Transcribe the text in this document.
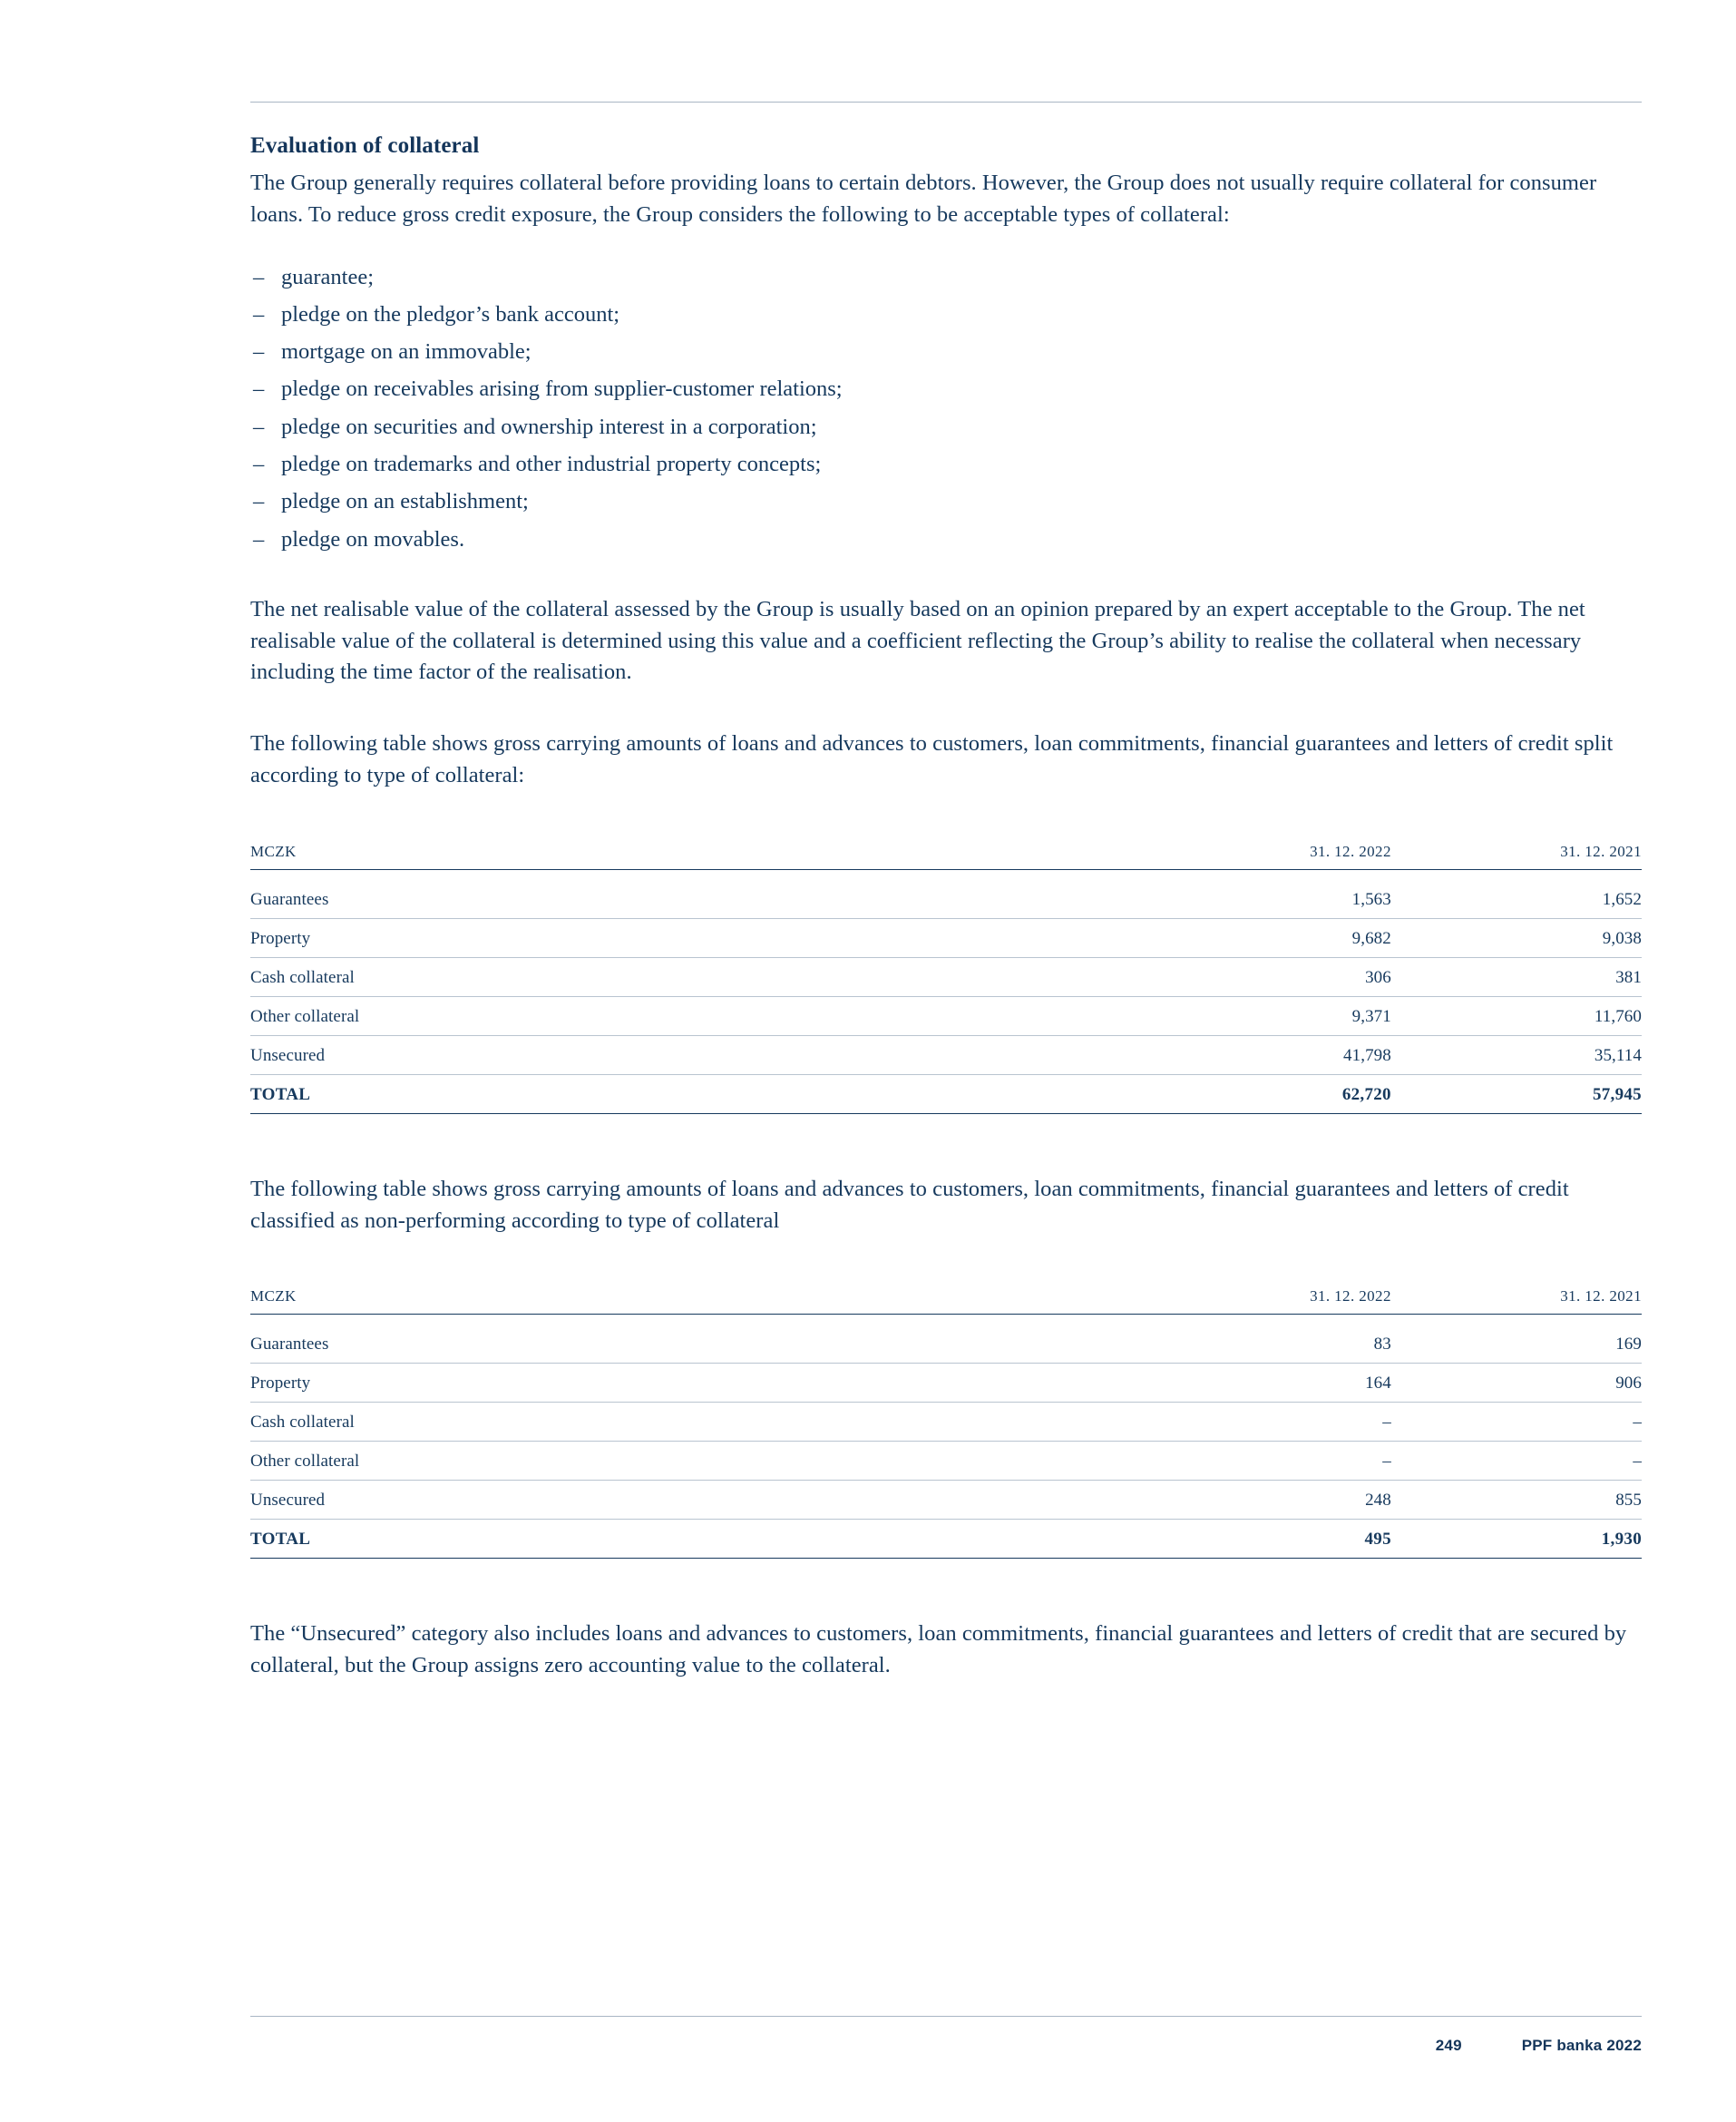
Evaluation of collateral

The Group generally requires collateral before providing loans to certain debtors. However, the Group does not usually require collateral for consumer loans. To reduce gross credit exposure, the Group considers the following to be acceptable types of collateral:

– guarantee;
– pledge on the pledgor’s bank account;
– mortgage on an immovable;
– pledge on receivables arising from supplier-customer relations;
– pledge on securities and ownership interest in a corporation;
– pledge on trademarks and other industrial property concepts;
– pledge on an establishment;
– pledge on movables.

The net realisable value of the collateral assessed by the Group is usually based on an opinion prepared by an expert acceptable to the Group. The net realisable value of the collateral is determined using this value and a coefficient reflecting the Group’s ability to realise the collateral when necessary including the time factor of the realisation.

The following table shows gross carrying amounts of loans and advances to customers, loan commitments, financial guarantees and letters of credit split according to type of collateral:

MCZK	31. 12. 2022	31. 12. 2021
Guarantees	1,563	1,652
Property	9,682	9,038
Cash collateral	306	381
Other collateral	9,371	11,760
Unsecured	41,798	35,114
TOTAL	62,720	57,945

The following table shows gross carrying amounts of loans and advances to customers, loan commitments, financial guarantees and letters of credit classified as non-performing according to type of collateral

MCZK	31. 12. 2022	31. 12. 2021
Guarantees	83	169
Property	164	906
Cash collateral	–	–
Other collateral	–	–
Unsecured	248	855
TOTAL	495	1,930

The “Unsecured” category also includes loans and advances to customers, loan commitments, financial guarantees and letters of credit that are secured by collateral, but the Group assigns zero accounting value to the collateral.

249	PPF banka 2022
